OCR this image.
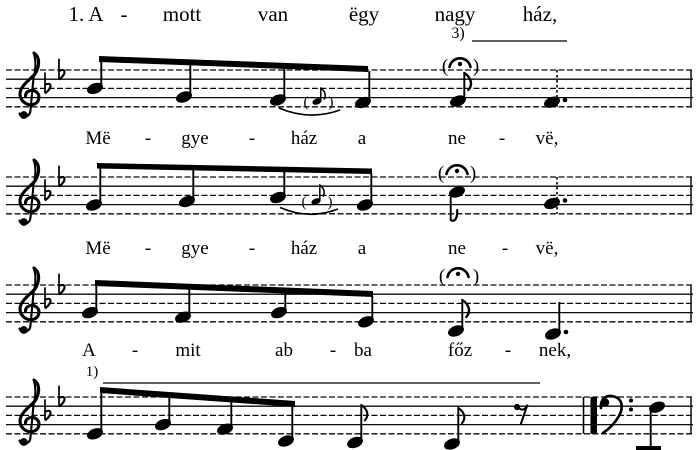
( )
( )
( )
( )
( )
1. A - mott	van	ëgy	nagy ház,
Më - gye - ház a	ne - vë,
Më - gye - ház a	ne - vë,
A - mit	ab - ba	főz - nek,
3)
1)
